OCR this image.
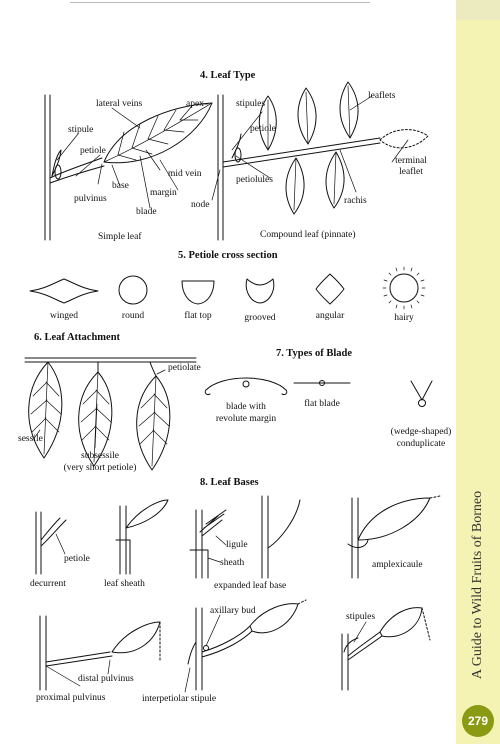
4. Leaf Type
5. Petiole cross section
6. Leaf Attachment
7. Types of Blade
8. Leaf Bases
lateral veins	apex
stipule
petiole
mid vein
base
margin
pulvinus
blade
Simple leaf
stipules
leaflets
petiole
terminal leaflet
petiolules
node	rachis
Compound leaf (pinnate)
winged	round	flat top	grooved	angular	hairy
petiolate
sessile
subsessile
(very short petiole)
blade with
revolute margin
flat blade
(wedge-shaped)
conduplicate
petiole
decurrent	leaf sheath
ligule
sheath
expanded leaf base
amplexicaule
distal pulvinus
proximal pulvinus
axillary bud
interpetiolar stipule
stipules	A Guide to Wild Fruits of Borneo
279
